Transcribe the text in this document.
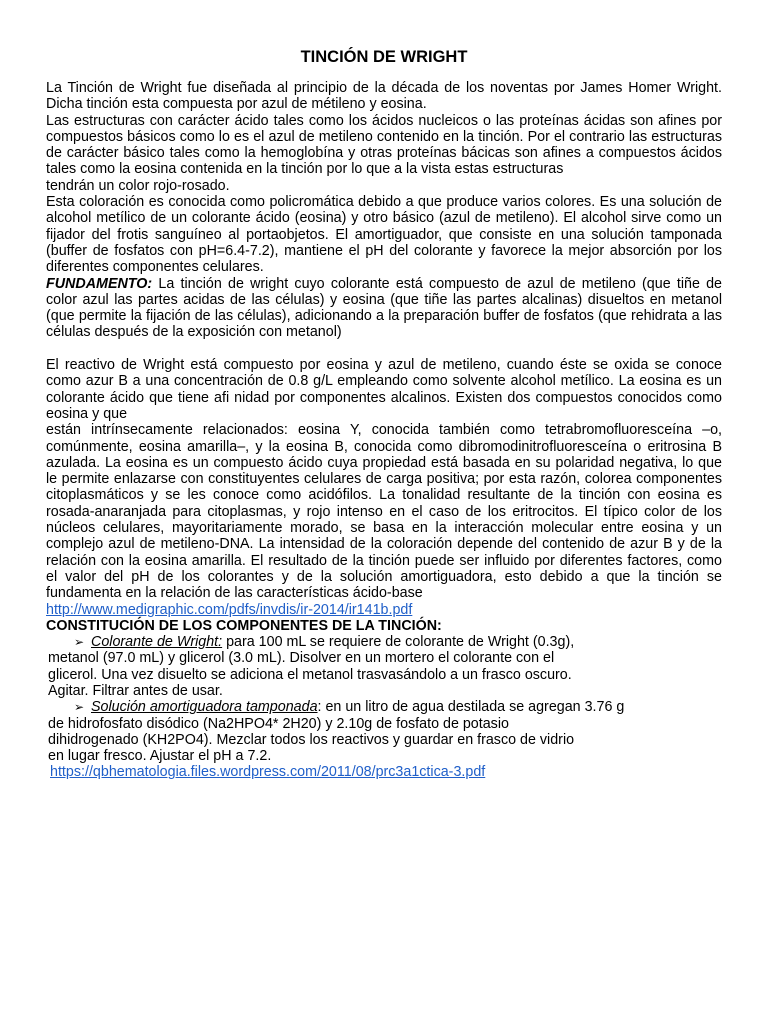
TINCIÓN DE WRIGHT

La Tinción de Wright fue diseñada al principio de la década de los noventas por James Homer Wright. Dicha tinción esta compuesta por azul de métileno y eosina.

Las estructuras con carácter ácido tales como los ácidos nucleicos o las proteínas ácidas son afines por compuestos básicos como lo es el azul de metileno contenido en la tinción. Por el contrario las estructuras de carácter básico tales como la hemoglobína y otras proteínas bácicas son afines a compuestos ácidos tales como la eosina contenida en la tinción por lo que a la vista estas estructuras

tendrán un color rojo-rosado.

Esta coloración es conocida como policromática debido a que produce varios colores. Es una solución de alcohol metílico de un colorante ácido (eosina) y otro básico (azul de metileno). El alcohol sirve como un fijador del frotis sanguíneo al portaobjetos. El amortiguador, que consiste en una solución tamponada (buffer de fosfatos con pH=6.4-7.2), mantiene el pH del colorante y favorece la mejor absorción por los diferentes componentes celulares.

FUNDAMENTO: La tinción de wright cuyo colorante está compuesto de azul de metileno (que tiñe de color azul las partes acidas de las células) y eosina (que tiñe las partes alcalinas) disueltos en metanol (que permite la fijación de las células), adicionando a la preparación buffer de fosfatos (que rehidrata a las células después de la exposición con metanol)

El reactivo de Wright está compuesto por eosina y azul de metileno, cuando éste se oxida se conoce como azur B a una concentración de 0.8 g/L empleando como solvente alcohol metílico. La eosina es un colorante ácido que tiene afi nidad por componentes alcalinos. Existen dos compuestos conocidos como eosina y que

están intrínsecamente relacionados: eosina Y, conocida también como tetrabromofluoresceína –o, comúnmente, eosina amarilla–, y la eosina B, conocida como dibromodinitrofluoresceína o eritrosina B azulada. La eosina es un compuesto ácido cuya propiedad está basada en su polaridad negativa, lo que le permite enlazarse con constituyentes celulares de carga positiva; por esta razón, colorea componentes citoplasmáticos y se les conoce como acidófilos. La tonalidad resultante de la tinción con eosina es rosada-anaranjada para citoplasmas, y rojo intenso en el caso de los eritrocitos. El típico color de los núcleos celulares, mayoritariamente morado, se basa en la interacción molecular entre eosina y un complejo azul de metileno-DNA. La intensidad de la coloración depende del contenido de azur B y de la relación con la eosina amarilla. El resultado de la tinción puede ser influido por diferentes factores, como el valor del pH de los colorantes y de la solución amortiguadora, esto debido a que la tinción se fundamenta en la relación de las características ácido-base

http://www.medigraphic.com/pdfs/invdis/ir-2014/ir141b.pdf

CONSTITUCIÓN DE LOS COMPONENTES DE LA TINCIÓN:

➢ Colorante de Wright: para 100 mL se requiere de colorante de Wright (0.3g),

metanol (97.0 mL) y glicerol (3.0 mL). Disolver en un mortero el colorante con el

glicerol. Una vez disuelto se adiciona el metanol trasvasándolo a un frasco oscuro.

Agitar. Filtrar antes de usar.

➢ Solución amortiguadora tamponada: en un litro de agua destilada se agregan 3.76 g

de hidrofosfato disódico (Na2HPO4* 2H20) y 2.10g de fosfato de potasio

dihidrogenado (KH2PO4). Mezclar todos los reactivos y guardar en frasco de vidrio

en lugar fresco. Ajustar el pH a 7.2.

https://qbhematologia.files.wordpress.com/2011/08/prc3a1ctica-3.pdf
